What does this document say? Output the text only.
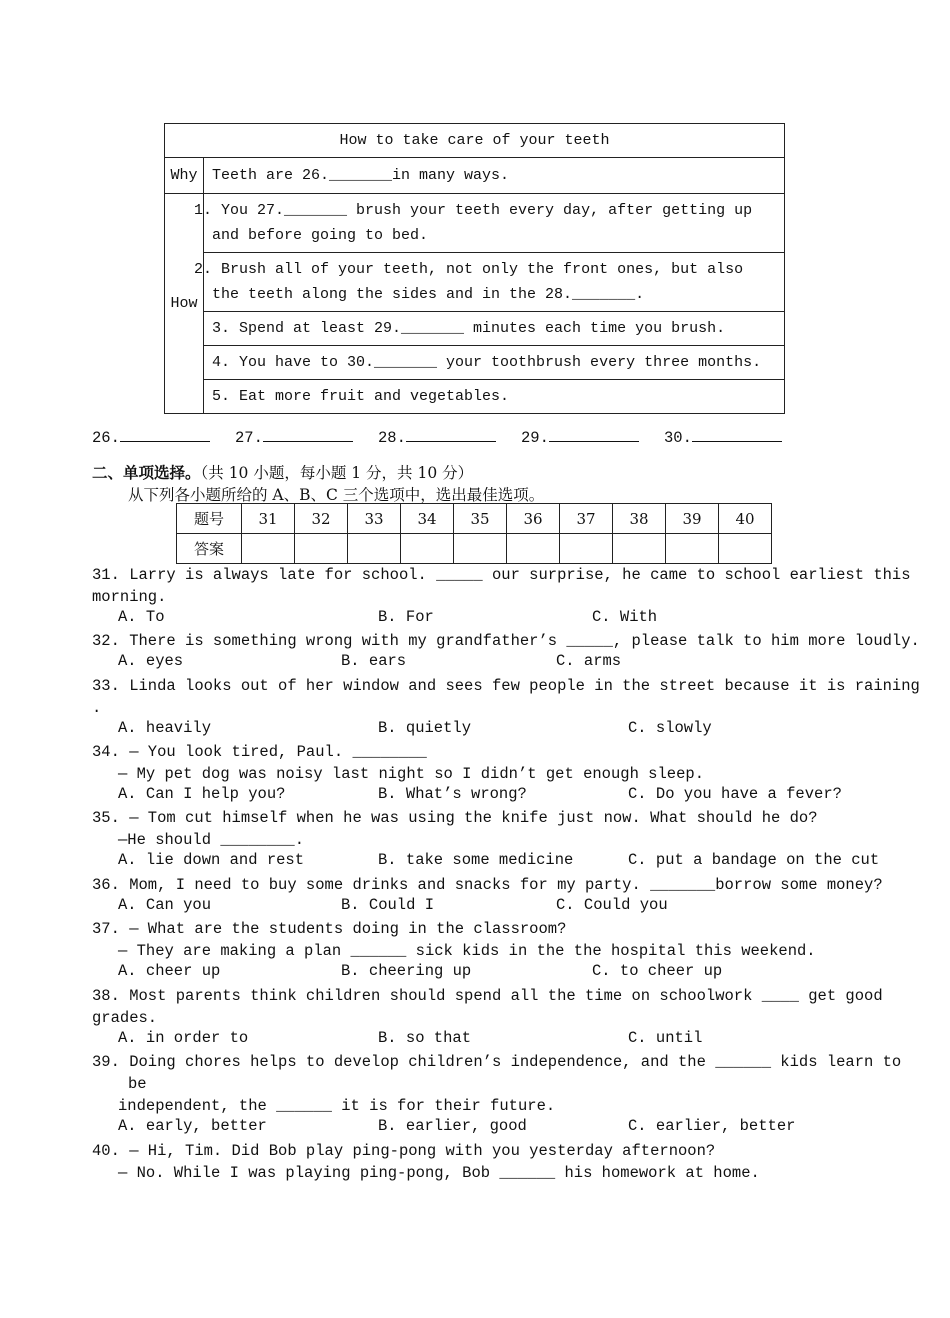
How to take care of your teeth	
Why	Teeth are 26._______in many ways.
How	1. You 27._______ brush your teeth every day, after getting up and before going to bed.
	2. Brush all of your teeth, not only the front ones, but also the teeth along the sides and in the 28._______.
	3. Spend at least 29._______ minutes each time you brush.
	4. You have to 30._______ your toothbrush every three months.
	5. Eat more fruit and vegetables.
26.	27.	28.	29.	30.
二、单项选择。（共 10 小题，每小题 1 分，共 10 分）
从下列各小题所给的 A、B、C 三个选项中，选出最佳选项。
题号	31	32	33	34	35	36	37	38	39	40
答案										
31. Larry is always late for school. _____ our surprise, he came to school earliest this
morning.
A. To	B. For	C. With
32. There is something wrong with my grandfather’s _____, please talk to him more loudly.
A. eyes	B. ears	C. arms
33. Linda looks out of her window and sees few people in the street because it is raining
.
A. heavily	B. quietly	C. slowly
34. — You look tired, Paul. ________
— My pet dog was noisy last night so I didn’t get enough sleep.
A. Can I help you?	B. What’s wrong?	C. Do you have a fever?
35. — Tom cut himself when he was using the knife just now. What should he do?
—He should ________.
A. lie down and rest	B. take some medicine	C. put a bandage on the cut
36. Mom, I need to buy some drinks and snacks for my party. _______borrow some money?
A. Can you	B. Could I	C. Could you
37. — What are the students doing in the classroom?
— They are making a plan ______ sick kids in the the hospital this weekend.
A. cheer up	B. cheering up	C. to cheer up
38. Most parents think children should spend all the time on schoolwork ____ get good
grades.
A. in order to	B. so that	C. until
39. Doing chores helps to develop children’s independence, and the ______ kids learn to
be
independent, the ______ it is for their future.
A. early, better	B. earlier, good	C. earlier, better
40. — Hi, Tim. Did Bob play ping-pong with you yesterday afternoon?
— No. While I was playing ping-pong, Bob ______ his homework at home.
